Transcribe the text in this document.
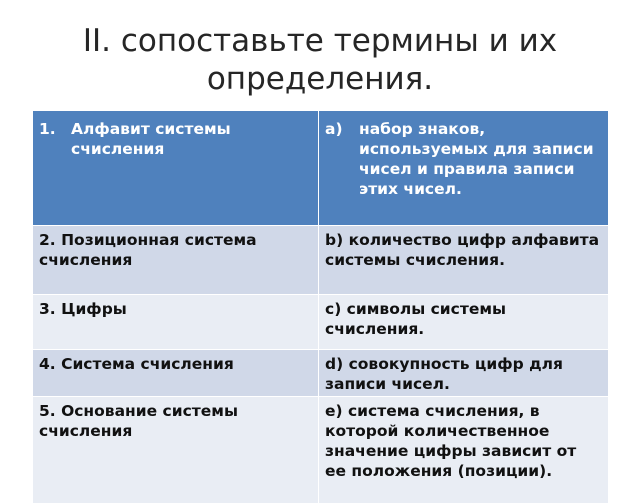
II. сопоставьте термины и их
определения.
1. Алфавит системы счисления	а) набор знаков, используемых для записи чисел и правила записи этих чисел.

2. Позиционная система счисления	b) количество цифр алфавита системы счисления.
3. Цифры	c) символы системы счисления.
4. Система счисления	d) совокупность цифр для записи чисел.
5. Основание системы счисления	e) система счисления, в которой количественное значение цифры зависит от ее положения (позиции).
